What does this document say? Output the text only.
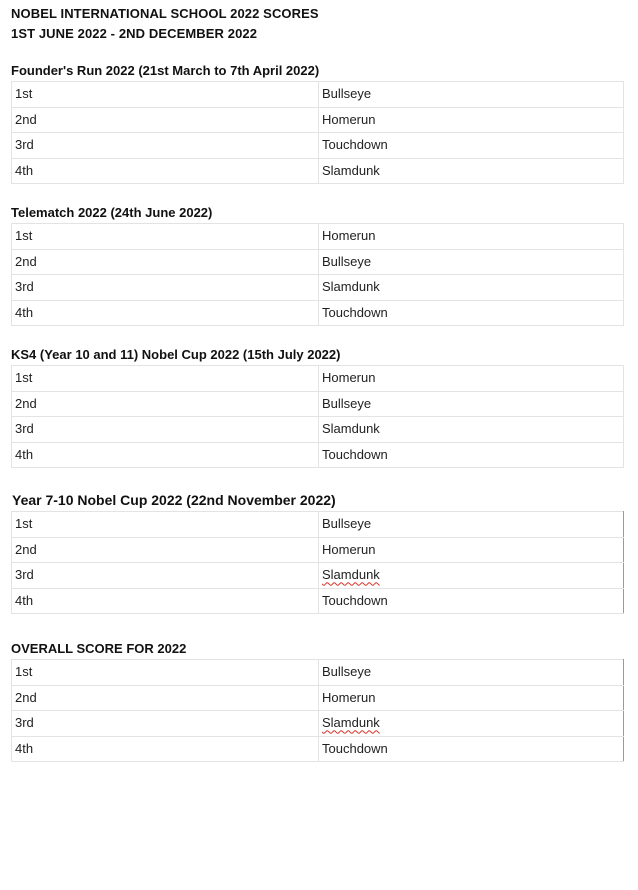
NOBEL INTERNATIONAL SCHOOL 2022 SCORES
1ST JUNE 2022 - 2ND DECEMBER 2022
Founder's Run 2022 (21st March to 7th April 2022)
1st	Bullseye
2nd	Homerun
3rd	Touchdown
4th	Slamdunk
Telematch 2022 (24th June 2022)
1st	Homerun
2nd	Bullseye
3rd	Slamdunk
4th	Touchdown
KS4 (Year 10 and 11) Nobel Cup 2022 (15th July 2022)
1st	Homerun
2nd	Bullseye
3rd	Slamdunk
4th	Touchdown
Year 7-10 Nobel Cup 2022 (22nd November 2022)
1st	Bullseye
2nd	Homerun
3rd	Slamdunk
4th	Touchdown
OVERALL SCORE FOR 2022
1st	Bullseye
2nd	Homerun
3rd	Slamdunk
4th	Touchdown
